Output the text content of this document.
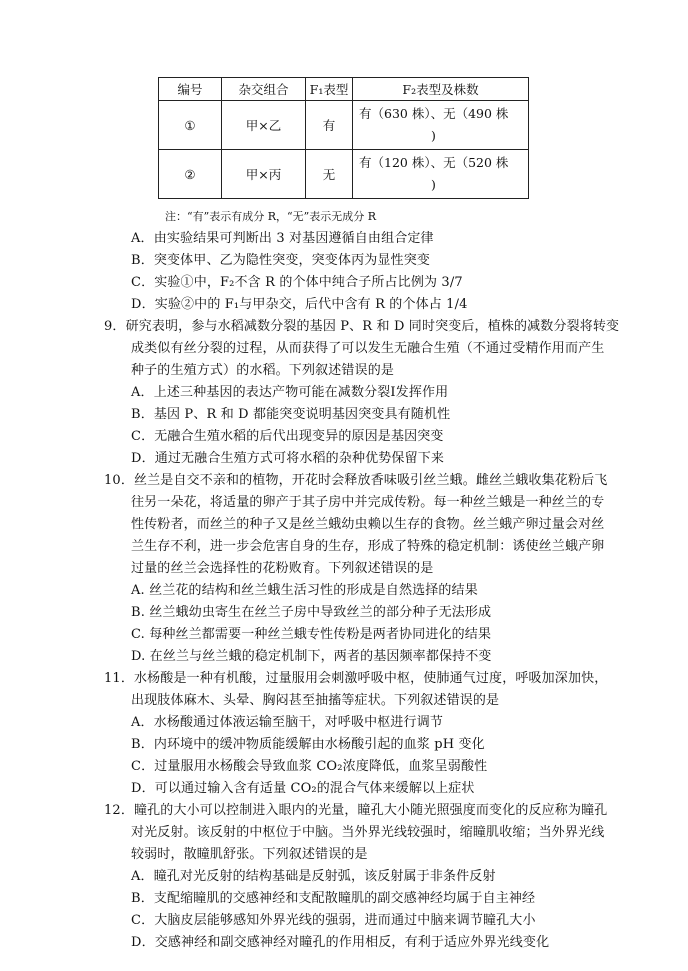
编号	杂交组合	F₁表型	F₂表型及株数
①	甲×乙	有	有（630 株）、无（490 株
)
②	甲×丙	无	有（120 株）、无（520 株
)
注：“有”表示有成分 R，“无”表示无成分 R
A．由实验结果可判断出 3 对基因遵循自由组合定律
B．突变体甲、乙为隐性突变，突变体丙为显性突变
C．实验①中，F₂不含 R 的个体中纯合子所占比例为 3/7
D．实验②中的 F₁与甲杂交，后代中含有 R 的个体占 1/4
9．研究表明，参与水稻减数分裂的基因 P、R 和 D 同时突变后，植株的减数分裂将转变
成类似有丝分裂的过程，从而获得了可以发生无融合生殖（不通过受精作用而产生
种子的生殖方式）的水稻。下列叙述错误的是
A．上述三种基因的表达产物可能在减数分裂Ⅰ发挥作用
B．基因 P、R 和 D 都能突变说明基因突变具有随机性
C．无融合生殖水稻的后代出现变异的原因是基因突变
D．通过无融合生殖方式可将水稻的杂种优势保留下来
10．丝兰是自交不亲和的植物，开花时会释放香味吸引丝兰蛾。雌丝兰蛾收集花粉后飞
往另一朵花，将适量的卵产于其子房中并完成传粉。每一种丝兰蛾是一种丝兰的专
性传粉者，而丝兰的种子又是丝兰蛾幼虫赖以生存的食物。丝兰蛾产卵过量会对丝
兰生存不利，进一步会危害自身的生存，形成了特殊的稳定机制：诱使丝兰蛾产卵
过量的丝兰会选择性的花粉败育。下列叙述错误的是
A. 丝兰花的结构和丝兰蛾生活习性的形成是自然选择的结果
B. 丝兰蛾幼虫寄生在丝兰子房中导致丝兰的部分种子无法形成
C. 每种丝兰都需要一种丝兰蛾专性传粉是两者协同进化的结果
D. 在丝兰与丝兰蛾的稳定机制下，两者的基因频率都保持不变
11．水杨酸是一种有机酸，过量服用会刺激呼吸中枢，使肺通气过度，呼吸加深加快，
出现肢体麻木、头晕、胸闷甚至抽搐等症状。下列叙述错误的是
A．水杨酸通过体液运输至脑干，对呼吸中枢进行调节
B．内环境中的缓冲物质能缓解由水杨酸引起的血浆 pH 变化
C．过量服用水杨酸会导致血浆 CO₂浓度降低，血浆呈弱酸性
D．可以通过输入含有适量 CO₂的混合气体来缓解以上症状
12．瞳孔的大小可以控制进入眼内的光量，瞳孔大小随光照强度而变化的反应称为瞳孔
对光反射。该反射的中枢位于中脑。当外界光线较强时，缩瞳肌收缩；当外界光线
较弱时，散瞳肌舒张。下列叙述错误的是
A．瞳孔对光反射的结构基础是反射弧，该反射属于非条件反射
B．支配缩瞳肌的交感神经和支配散瞳肌的副交感神经均属于自主神经
C．大脑皮层能够感知外界光线的强弱，进而通过中脑来调节瞳孔大小
D．交感神经和副交感神经对瞳孔的作用相反，有利于适应外界光线变化
